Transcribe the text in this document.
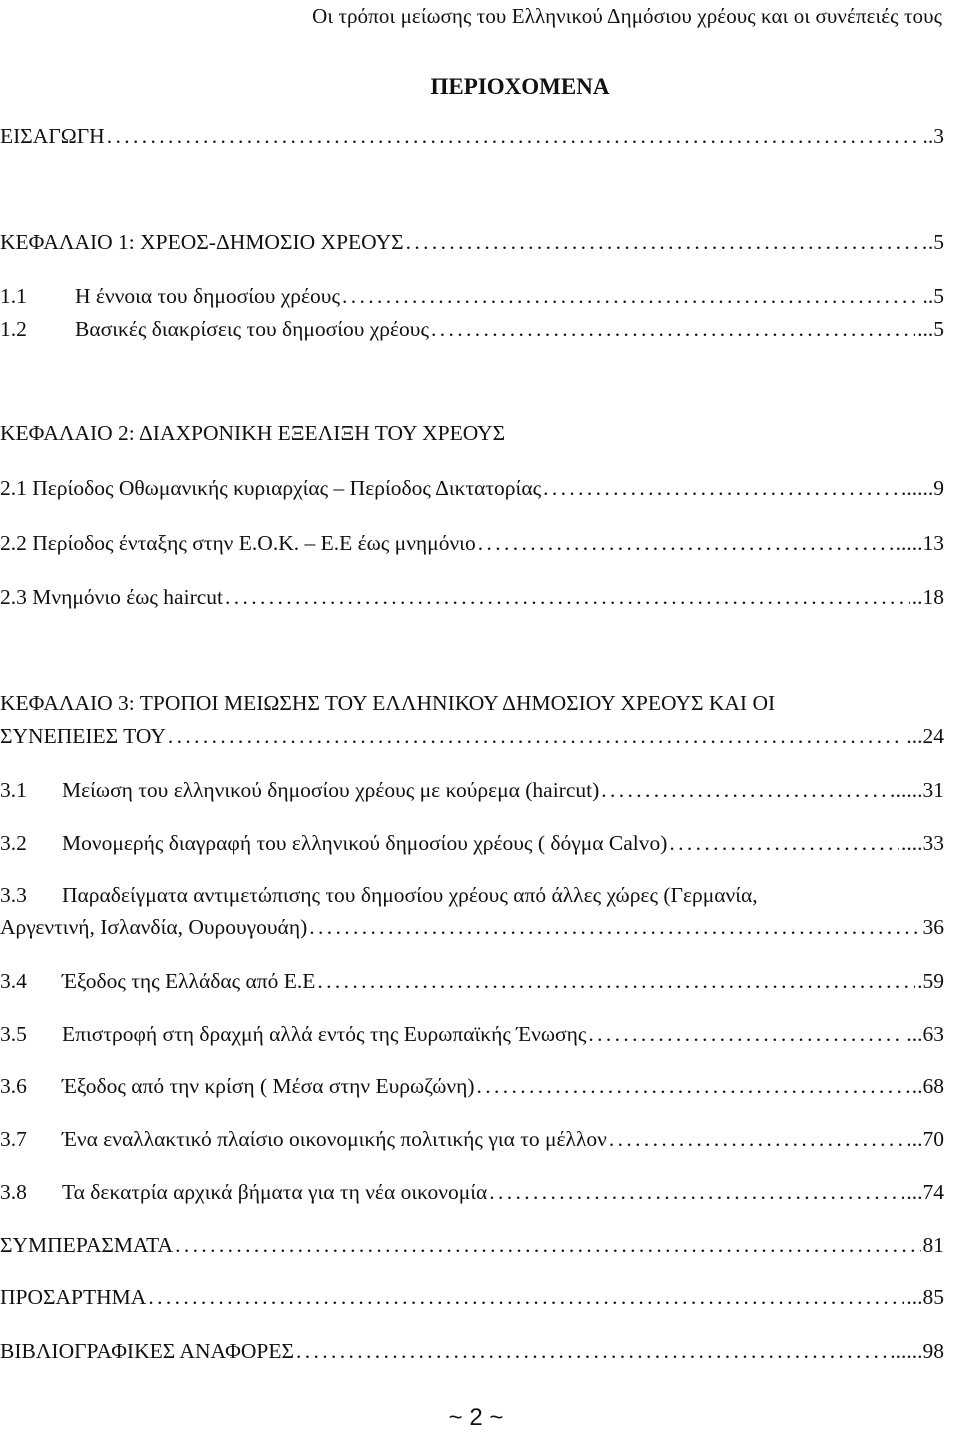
Οι τρόποι μείωσης του Ελληνικού Δημόσιου χρέους και οι συνέπειές τους
ΠΕΡΙΟΧΟΜΕΝΑ
ΕΙΣΑΓΩΓΗ . . .	..3
ΚΕΦΑΛΑΙΟ 1: ΧΡΕΟΣ-ΔΗΜΟΣΙΟ ΧΡΕΟΥΣ . . .	.5
1.1	Η έννοια του δημοσίου χρέους . . .	..5
1.2	Βασικές διακρίσεις του δημοσίου χρέους . . .	...5
ΚΕΦΑΛΑΙΟ 2: ΔΙΑΧΡΟΝΙΚΗ ΕΞΕΛΙΞΗ ΤΟΥ ΧΡΕΟΥΣ
2.1 Περίοδος Οθωμανικής κυριαρχίας – Περίοδος Δικτατορίας . . .	......9
2.2 Περίοδος ένταξης στην Ε.Ο.Κ. – Ε.Ε έως μνημόνιο . . .	.....13
2.3 Μνημόνιο έως haircut . . .	..18
ΚΕΦΑΛΑΙΟ 3: ΤΡΟΠΟΙ ΜΕΙΩΣΗΣ ΤΟΥ ΕΛΛΗΝΙΚΟΥ ΔΗΜΟΣΙΟΥ ΧΡΕΟΥΣ ΚΑΙ ΟΙ
ΣΥΝΕΠΕΙΕΣ ΤΟΥ . . .	...24
3.1	Μείωση του ελληνικού δημοσίου χρέους με κούρεμα (haircut) . . .	.....31
3.2	Μονομερής διαγραφή του ελληνικού δημοσίου χρέους ( δόγμα Calvo) . . .	....33
3.3	Παραδείγματα αντιμετώπισης του δημοσίου χρέους από άλλες χώρες (Γερμανία,
Αργεντινή, Ισλανδία, Ουρουγουάη) . . .	36
3.4	Έξοδος της Ελλάδας από Ε.Ε . . .	.59
3.5	Επιστροφή στη δραχμή αλλά εντός της Ευρωπαϊκής Ένωσης . . .	...63
3.6	Έξοδος από την κρίση ( Μέσα στην Ευρωζώνη) . . .	..68
3.7	Ένα εναλλακτικό πλαίσιο οικονομικής πολιτικής για το μέλλον . . .	..70
3.8	Τα δεκατρία αρχικά βήματα για τη νέα οικονομία . . .	...74
ΣΥΜΠΕΡΑΣΜΑΤΑ . . .	81
ΠΡΟΣΑΡΤΗΜΑ . . .	...85
ΒΙΒΛΙΟΓΡΑΦΙΚΕΣ ΑΝΑΦΟΡΕΣ . . .	......98
~ 2 ~
